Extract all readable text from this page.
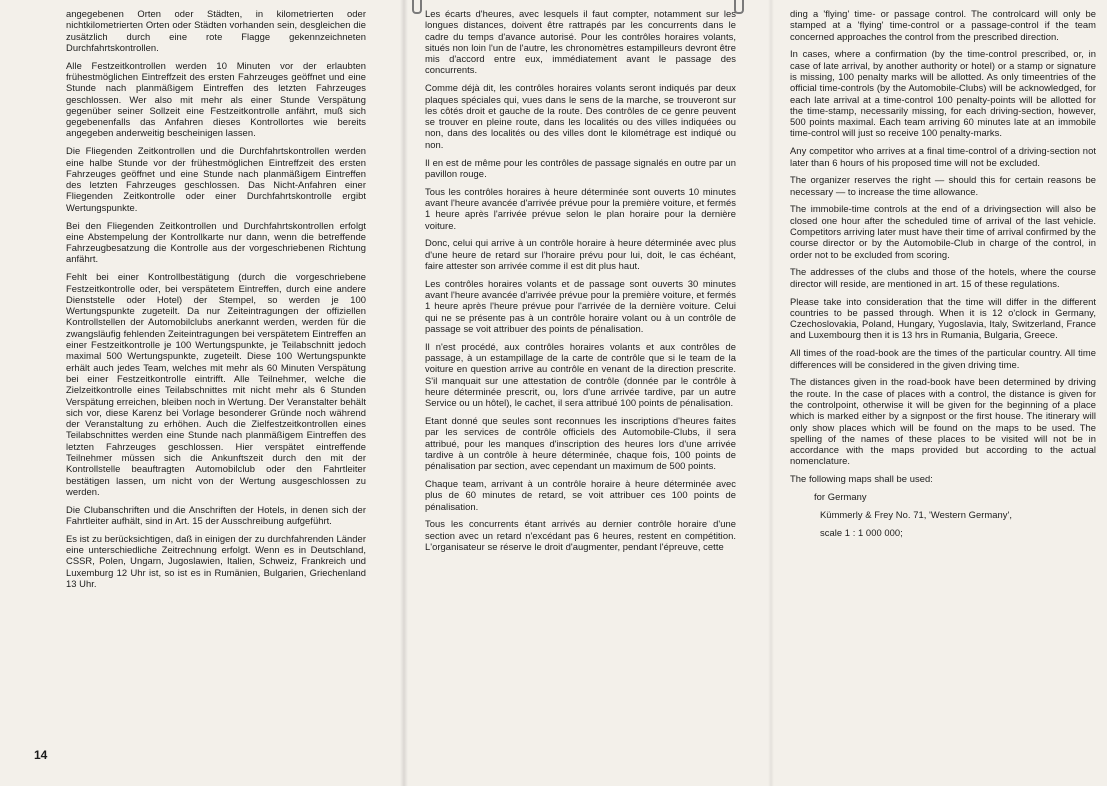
angegebenen Orten oder Städten, in kilometrierten oder nichtkilometrierten Orten oder Städten vorhanden sein, desgleichen die zusätzlich durch eine rote Flagge gekennzeichneten Durchfahrtskontrollen.

Alle Festzeitkontrollen werden 10 Minuten vor der erlaubten frühestmöglichen Eintreffzeit des ersten Fahrzeuges geöffnet und eine Stunde nach planmäßigem Eintreffen des letzten Fahrzeuges geschlossen. Wer also mit mehr als einer Stunde Verspätung gegenüber seiner Sollzeit eine Festzeitkontrolle anfährt, muß sich gegebenenfalls das Anfahren dieses Kontrollortes wie bereits angegeben anderweitig bescheinigen lassen.

Die Fliegenden Zeitkontrollen und die Durchfahrtskontrollen werden eine halbe Stunde vor der frühestmöglichen Eintreffzeit des ersten Fahrzeuges geöffnet und eine Stunde nach planmäßigem Eintreffen des letzten Fahrzeuges geschlossen. Das Nicht-Anfahren einer Fliegenden Zeitkontrolle oder einer Durchfahrtskontrolle ergibt Wertungspunkte.

Bei den Fliegenden Zeitkontrollen und Durchfahrtskontrollen erfolgt eine Abstempelung der Kontrollkarte nur dann, wenn die betreffende Fahrzeugbesatzung die Kontrolle aus der vorgeschriebenen Richtung anfährt.

Fehlt bei einer Kontrollbestätigung (durch die vorgeschriebene Festzeitkontrolle oder, bei verspätetem Eintreffen, durch eine andere Dienststelle oder Hotel) der Stempel, so werden je 100 Wertungspunkte zugeteilt. Da nur Zeiteintragungen der offiziellen Kontrollstellen der Automobilclubs anerkannt werden, werden für die zwangsläufig fehlenden Zeiteintragungen bei verspätetem Eintreffen an einer Festzeitkontrolle je 100 Wertungspunkte, je Teilabschnitt jedoch maximal 500 Wertungspunkte, zugeteilt. Diese 100 Wertungspunkte erhält auch jedes Team, welches mit mehr als 60 Minuten Verspätung bei einer Festzeitkontrolle eintrifft. Alle Teilnehmer, welche die Zielzeitkontrolle eines Teilabschnittes mit nicht mehr als 6 Stunden Verspätung erreichen, bleiben noch in Wertung. Der Veranstalter behält sich vor, diese Karenz bei Vorlage besonderer Gründe noch während der Veranstaltung zu erhöhen. Auch die Zielfestzeitkontrollen eines Teilabschnittes werden eine Stunde nach planmäßigem Eintreffen des letzten Fahrzeuges geschlossen. Hier verspätet eintreffende Teilnehmer müssen sich die Ankunftszeit durch den mit der Kontrollstelle beauftragten Automobilclub oder den Fahrtleiter bestätigen lassen, um nicht von der Wertung ausgeschlossen zu werden.

Die Clubanschriften und die Anschriften der Hotels, in denen sich der Fahrtleiter aufhält, sind in Art. 15 der Ausschreibung aufgeführt.

Es ist zu berücksichtigen, daß in einigen der zu durchfahrenden Länder eine unterschiedliche Zeitrechnung erfolgt. Wenn es in Deutschland, CSSR, Polen, Ungarn, Jugoslawien, Italien, Schweiz, Frankreich und Luxemburg 12 Uhr ist, so ist es in Rumänien, Bulgarien, Griechenland 13 Uhr.

Les écarts d'heures, avec lesquels il faut compter, notamment sur les longues distances, doivent être rattrapés par les concurrents dans le cadre du temps d'avance autorisé. Pour les contrôles horaires volants, situés non loin l'un de l'autre, les chronomètres estampilleurs devront être mis d'accord entre eux, immédiatement avant le passage des concurrents.

Comme déjà dit, les contrôles horaires volants seront indiqués par deux plaques spéciales qui, vues dans le sens de la marche, se trouveront sur les côtés droit et gauche de la route. Des contrôles de ce genre peuvent se trouver en pleine route, dans les localités ou des villes indiquées ou non, dans des localités ou des villes dont le kilométrage est indiqué ou non.

Il en est de même pour les contrôles de passage signalés en outre par un pavillon rouge.

Tous les contrôles horaires à heure déterminée sont ouverts 10 minutes avant l'heure avancée d'arrivée prévue pour la première voiture, et fermés 1 heure après l'arrivée prévue selon le plan horaire pour la dernière voiture.

Donc, celui qui arrive à un contrôle horaire à heure déterminée avec plus d'une heure de retard sur l'horaire prévu pour lui, doit, le cas échéant, faire attester son arrivée comme il est dit plus haut.

Les contrôles horaires volants et de passage sont ouverts 30 minutes avant l'heure avancée d'arrivée prévue pour la première voiture, et fermés 1 heure après l'heure prévue pour l'arrivée de la dernière voiture. Celui qui ne se présente pas à un contrôle horaire volant ou à un contrôle de passage se voit attribuer des points de pénalisation.

Il n'est procédé, aux contrôles horaires volants et aux contrôles de passage, à un estampillage de la carte de contrôle que si le team de la voiture en question arrive au contrôle en venant de la direction prescrite. S'il manquait sur une attestation de contrôle (donnée par le contrôle à heure déterminée prescrit, ou, lors d'une arrivée tardive, par un autre Service ou un hôtel), le cachet, il sera attribué 100 points de pénalisation.

Etant donné que seules sont reconnues les inscriptions d'heures faites par les services de contrôle officiels des Automobile-Clubs, il sera attribué, pour les manques d'inscription des heures lors d'une arrivée tardive à un contrôle à heure déterminée, chaque fois, 100 points de pénalisation par section, avec cependant un maximum de 500 points.

Chaque team, arrivant à un contrôle horaire à heure déterminée avec plus de 60 minutes de retard, se voit attribuer ces 100 points de pénalisation.

Tous les concurrents étant arrivés au dernier contrôle horaire d'une section avec un retard n'excédant pas 6 heures, restent en compétition. L'organisateur se réserve le droit d'augmenter, pendant l'épreuve, cette

ding a 'flying' time- or passage control. The controlcard will only be stamped at a 'flying' time-control or a passage-control if the team concerned approaches the control from the prescribed direction.

In cases, where a confirmation (by the time-control prescribed, or, in case of late arrival, by another authority or hotel) or a stamp or signature is missing, 100 penalty marks will be allotted. As only timeentries of the official time-controls (by the Automobile-Clubs) will be acknowledged, for each late arrival at a time-control 100 penalty-points will be allotted for the time-stamp, necessarily missing, for each driving-section, however, 500 points maximal. Each team arriving 60 minutes late at an immobile time-control will just so receive 100 penalty-marks.

Any competitor who arrives at a final time-control of a driving-section not later than 6 hours of his proposed time will not be excluded.

The organizer reserves the right — should this for certain reasons be necessary — to increase the time allowance.

The immobile-time controls at the end of a drivingsection will also be closed one hour after the scheduled time of arrival of the last vehicle. Competitors arriving later must have their time of arrival confirmed by the course director or by the Automobile-Club in charge of the control, in order not to be excluded from scoring.

The addresses of the clubs and those of the hotels, where the course director will reside, are mentioned in art. 15 of these regulations.

Please take into consideration that the time will differ in the different countries to be passed through. When it is 12 o'clock in Germany, Czechoslovakia, Poland, Hungary, Yugoslavia, Italy, Switzerland, France and Luxembourg then it is 13 hrs in Rumania, Bulgaria, Greece.

All times of the road-book are the times of the particular country. All time differences will be considered in the given driving time.

The distances given in the road-book have been determined by driving the route. In the case of places with a control, the distance is given for the controlpoint, otherwise it will be given for the beginning of a place which is marked either by a signpost or the first house. The itinerary will only show places which will be found on the maps to be used. The spelling of the names of these places to be visited will not be in accordance with the maps provided but according to the actual nomenclature.

The following maps shall be used:

for Germany

Kümmerly & Frey No. 71, 'Western Germany',

scale 1 : 1 000 000;

14
